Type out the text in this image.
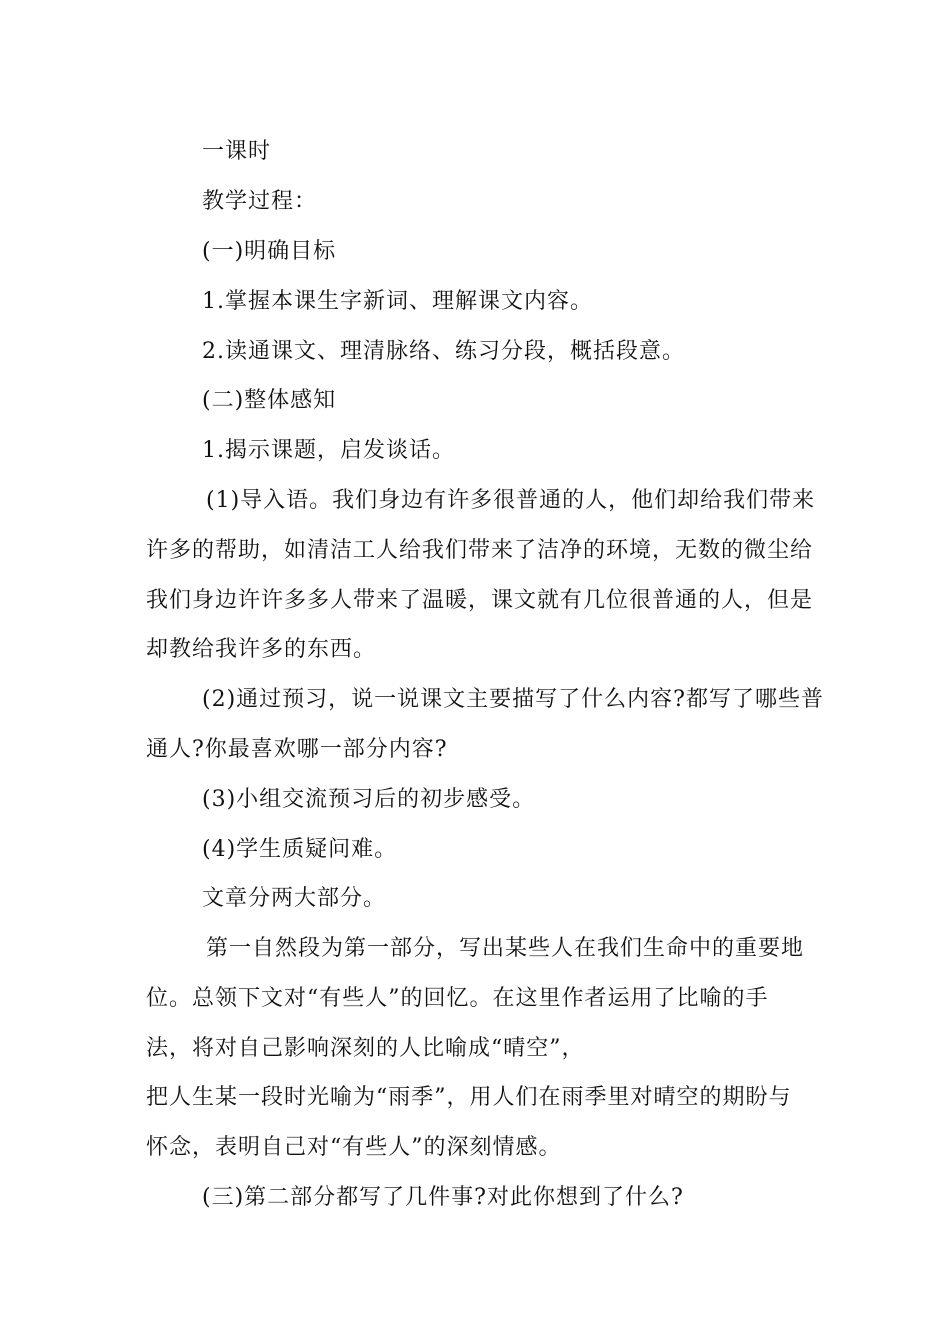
一课时
教学过程：
(一)明确目标
1.掌握本课生字新词、理解课文内容。
2.读通课文、理清脉络、练习分段，概括段意。
(二)整体感知
1.揭示课题，启发谈话。
(1)导入语。我们身边有许多很普通的人，他们却给我们带来
许多的帮助，如清洁工人给我们带来了洁净的环境，无数的微尘给
我们身边许许多多人带来了温暖，课文就有几位很普通的人，但是
却教给我许多的东西。
(2)通过预习，说一说课文主要描写了什么内容?都写了哪些普
通人?你最喜欢哪一部分内容?
(3)小组交流预习后的初步感受。
(4)学生质疑问难。
文章分两大部分。
第一自然段为第一部分，写出某些人在我们生命中的重要地
位。总领下文对“有些人”的回忆。在这里作者运用了比喻的手
法，将对自己影响深刻的人比喻成“晴空”，
把人生某一段时光喻为“雨季”，用人们在雨季里对晴空的期盼与
怀念，表明自己对“有些人”的深刻情感。
(三)第二部分都写了几件事?对此你想到了什么?
